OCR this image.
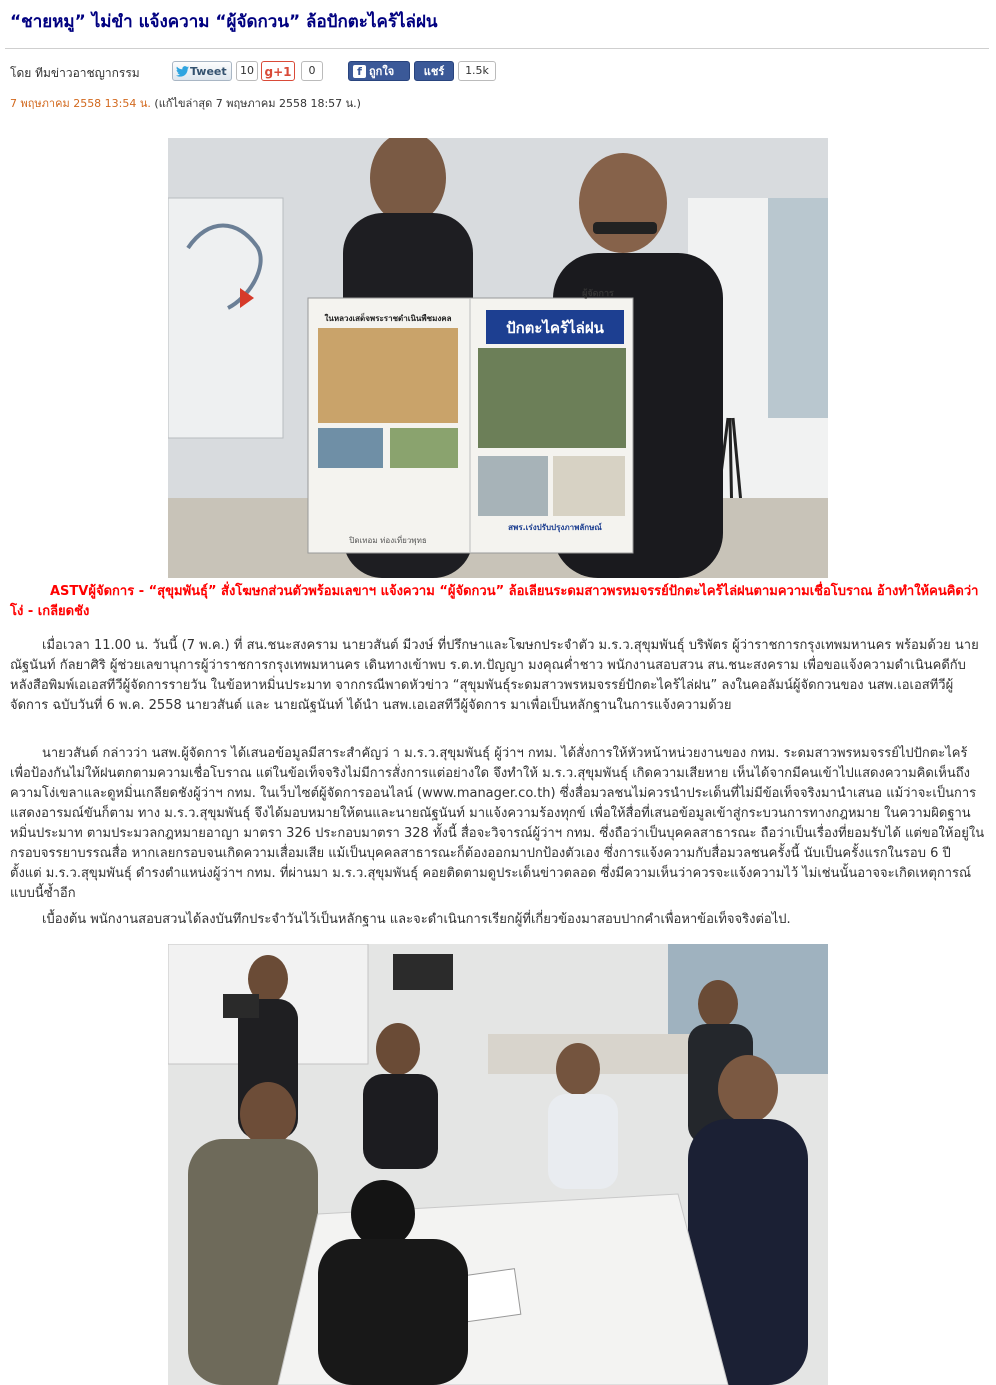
“ชายหมู” ไม่ขำ แจ้งความ “ผู้จัดกวน” ล้อปักตะไคร้ไล่ฝน
โดย ทีมข่าวอาชญากรรม	Tweet	10 g+1	0	f ถูกใจ	แชร์	1.5k
7 พฤษภาคม 2558 13:54 น. (แก้ไขล่าสุด 7 พฤษภาคม 2558 18:57 น.)
ปักตะไคร้ไล่ฝน
ในหลวงเสด็จพระราชดำเนินพืชมงคล
ผู้จัดการ
สพร.เร่งปรับปรุงภาพลักษณ์
ปิดเทอม ท่องเที่ยวพุทธ

ASTVผู้จัดการ - “สุขุมพันธุ์” สั่งโฆษกส่วนตัวพร้อมเลขาฯ แจ้งความ “ผู้จัดกวน” ล้อเลียนระดมสาวพรหมจรรย์ปักตะไคร้ไล่ฝนตามความเชื่อโบราณ อ้างทำให้คนคิดว่าโง่ - เกลียดชัง

เมื่อเวลา 11.00 น. วันนี้ (7 พ.ค.) ที่ สน.ชนะสงคราม นายวสันต์ มีวงษ์ ที่ปรึกษาและโฆษกประจำตัว ม.ร.ว.สุขุมพันธุ์ บริพัตร ผู้ว่าราชการกรุงเทพมหานคร พร้อมด้วย นายณัฐนันท์ กัลยาศิริ ผู้ช่วยเลขานุการผู้ว่าราชการกรุงเทพมหานคร เดินทางเข้าพบ ร.ต.ท.ปัญญา มงคุณค่ำชาว พนักงานสอบสวน สน.ชนะสงคราม เพื่อขอแจ้งความดำเนินคดีกับหลังสือพิมพ์เอเอสทีวีผู้จัดการรายวัน ในข้อหาหมิ่นประมาท จากกรณีพาดหัวข่าว “สุขุมพันธุ์ระดมสาวพรหมจรรย์ปักตะไคร้ไล่ฝน” ลงในคอลัมน์ผู้จัดกวนของ นสพ.เอเอสทีวีผู้จัดการ ฉบับวันที่ 6 พ.ค. 2558 นายวสันต์ และ นายณัฐนันท์ ได้นำ นสพ.เอเอสทีวีผู้จัดการ มาเพื่อเป็นหลักฐานในการแจ้งความด้วย

นายวสันต์ กล่าวว่า นสพ.ผู้จัดการ ได้เสนอข้อมูลมีสาระสำคัญว่ า ม.ร.ว.สุขุมพันธุ์ ผู้ว่าฯ กทม. ได้สั่งการให้หัวหน้าหน่วยงานของ กทม. ระดมสาวพรหมจรรย์ไปปักตะไคร้ เพื่อป้องกันไม่ให้ฝนตกตามความเชื่อโบราณ แต่ในข้อเท็จจริงไม่มีการสั่งการแต่อย่างใด จึงทำให้ ม.ร.ว.สุขุมพันธุ์ เกิดความเสียหาย เห็นได้จากมีคนเข้าไปแสดงความคิดเห็นถึงความโง่เขลาและดูหมิ่นเกลียดชังผู้ว่าฯ กทม. ในเว็บไซต์ผู้จัดการออนไลน์ (www.manager.co.th) ซึ่งสื่อมวลชนไม่ควรนำประเด็นที่ไม่มีข้อเท็จจริงมานำเสนอ แม้ว่าจะเป็นการแสดงอารมณ์ขันก็ตาม ทาง ม.ร.ว.สุขุมพันธุ์ จึงได้มอบหมายให้ตนและนายณัฐนันท์ มาแจ้งความร้องทุกข์ เพื่อให้สื่อที่เสนอข้อมูลเข้าสู่กระบวนการทางกฎหมาย ในความผิดฐานหมิ่นประมาท ตามประมวลกฎหมายอาญา มาตรา 326 ประกอบมาตรา 328 ทั้งนี้ สื่อจะวิจารณ์ผู้ว่าฯ กทม. ซึ่งถือว่าเป็นบุคคลสาธารณะ ถือว่าเป็นเรื่องที่ยอมรับได้ แต่ขอให้อยู่ในกรอบจรรยาบรรณสื่อ หากเลยกรอบจนเกิดความเสื่อมเสีย แม้เป็นบุคคลสาธารณะก็ต้องออกมาปกป้องตัวเอง ซึ่งการแจ้งความกับสื่อมวลชนครั้งนี้ นับเป็นครั้งแรกในรอบ 6 ปี ตั้งแต่ ม.ร.ว.สุขุมพันธุ์ ดำรงตำแหน่งผู้ว่าฯ กทม. ที่ผ่านมา ม.ร.ว.สุขุมพันธุ์ คอยติดตามดูประเด็นข่าวตลอด ซึ่งมีความเห็นว่าควรจะแจ้งความไว้ ไม่เช่นนั้นอาจจะเกิดเหตุการณ์แบบนี้ซ้ำอีก

เบื้องต้น พนักงานสอบสวนได้ลงบันทึกประจำวันไว้เป็นหลักฐาน และจะดำเนินการเรียกผู้ที่เกี่ยวข้องมาสอบปากคำเพื่อหาข้อเท็จจริงต่อไป.
